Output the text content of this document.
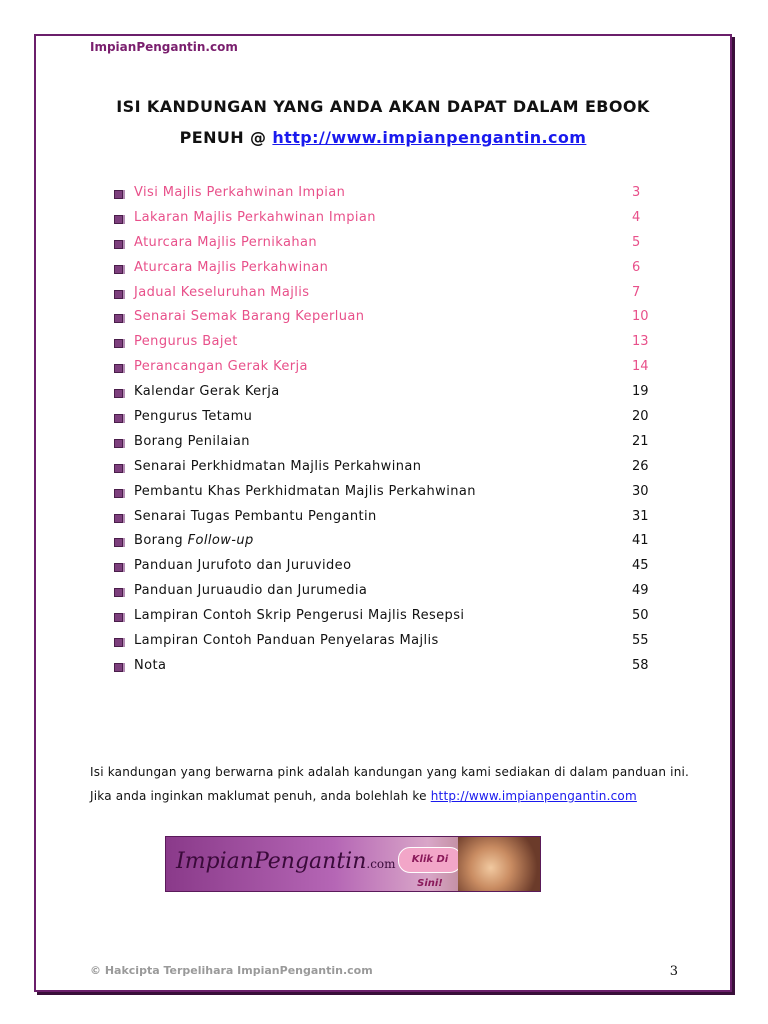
ImpianPengantin.com
ISI KANDUNGAN YANG ANDA AKAN DAPAT DALAM EBOOK
PENUH @ http://www.impianpengantin.com
Visi Majlis Perkahwinan Impian	3
Lakaran Majlis Perkahwinan Impian	4
Aturcara Majlis Pernikahan	5
Aturcara Majlis Perkahwinan	6
Jadual Keseluruhan Majlis	7
Senarai Semak Barang Keperluan	10
Pengurus Bajet	13
Perancangan Gerak Kerja	14
Kalendar Gerak Kerja	19
Pengurus Tetamu	20
Borang Penilaian	21
Senarai Perkhidmatan Majlis Perkahwinan	26
Pembantu Khas Perkhidmatan Majlis Perkahwinan	30
Senarai Tugas Pembantu Pengantin	31
Borang Follow-up	41
Panduan Jurufoto dan Juruvideo	45
Panduan Juruaudio dan Jurumedia	49
Lampiran Contoh Skrip Pengerusi Majlis Resepsi	50
Lampiran Contoh Panduan Penyelaras Majlis	55
Nota	58
Isi kandungan yang berwarna pink adalah kandungan yang kami sediakan di dalam panduan ini. Jika anda inginkan maklumat penuh, anda bolehlah ke http://www.impianpengantin.com
ImpianPengantin.com	Klik Di Sini!
© Hakcipta Terpelihara ImpianPengantin.com	3
